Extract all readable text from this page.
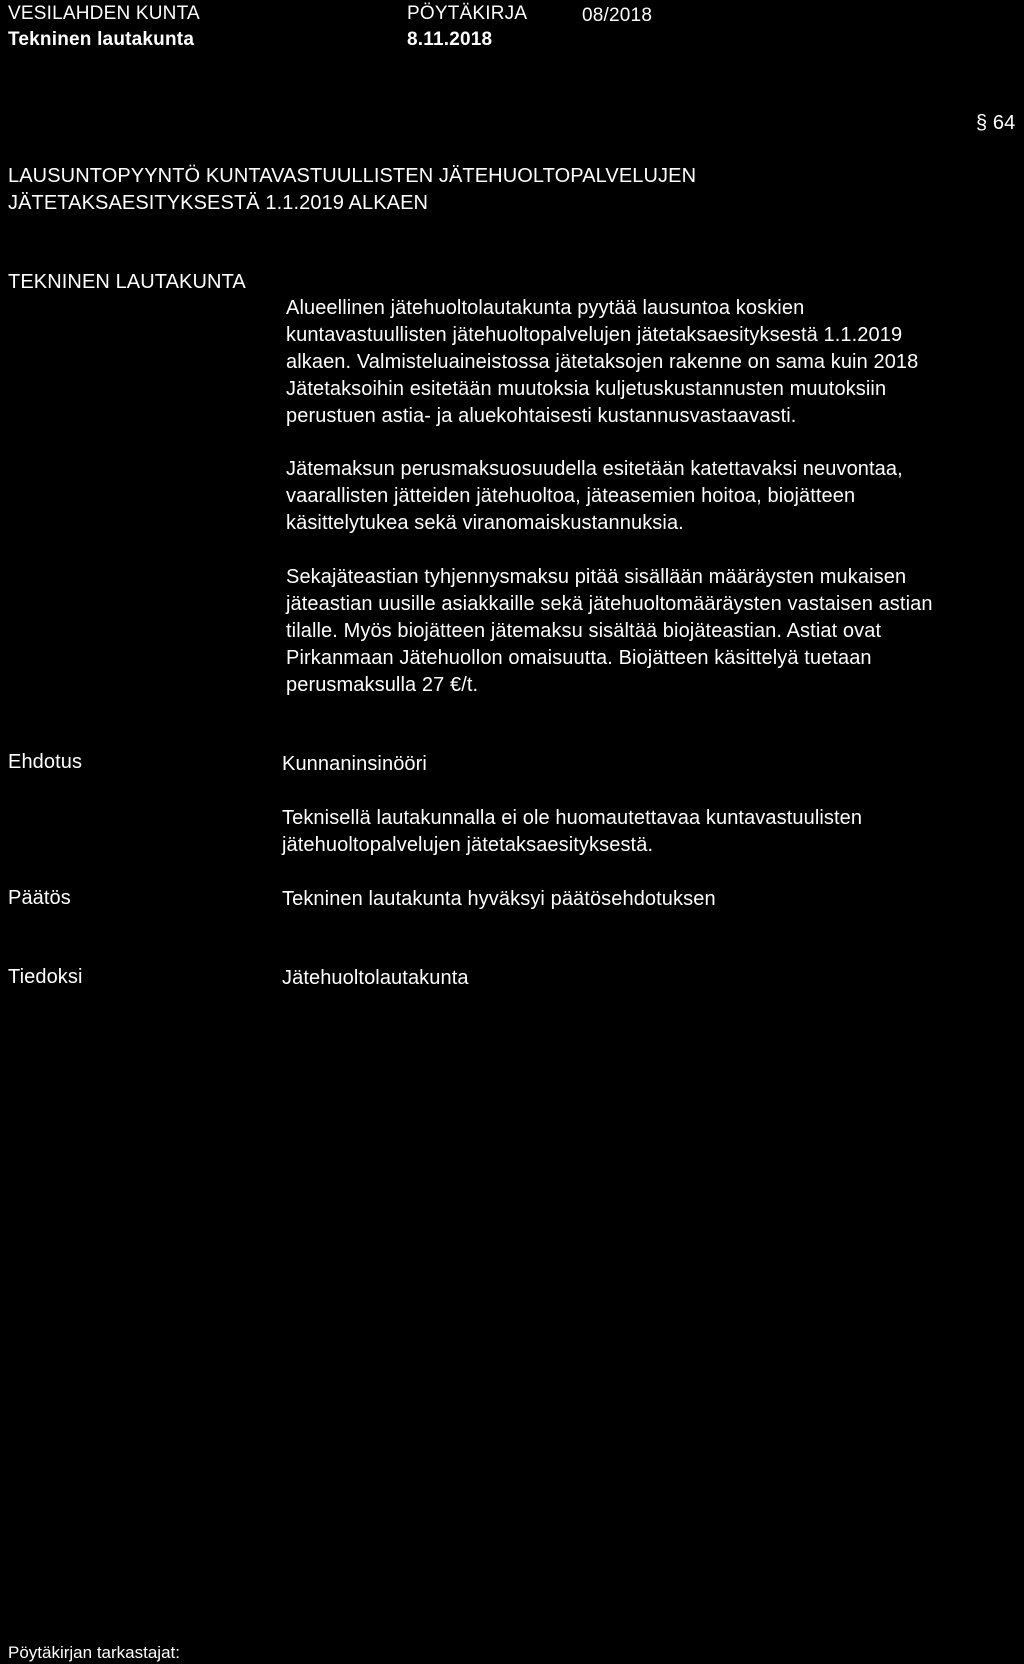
VESILAHDEN KUNTA
Tekninen lautakunta
PÖYTÄKIRJA
8.11.2018
08/2018
§ 64
LAUSUNTOPYYNTÖ KUNTAVASTUULLISTEN JÄTEHUOLTOPALVELUJEN
JÄTETAKSAESITYKSESTÄ 1.1.2019 ALKAEN
TEKNINEN LAUTAKUNTA
Alueellinen jätehuoltolautakunta pyytää lausuntoa koskien
kuntavastuullisten jätehuoltopalvelujen jätetaksaesityksestä 1.1.2019
alkaen. Valmisteluaineistossa jätetaksojen rakenne on sama kuin 2018
Jätetaksoihin esitetään muutoksia kuljetuskustannusten muutoksiin
perustuen astia- ja aluekohtaisesti kustannusvastaavasti.
Jätemaksun perusmaksuosuudella esitetään katettavaksi neuvontaa,
vaarallisten jätteiden jätehuoltoa, jäteasemien hoitoa, biojätteen
käsittelytukea sekä viranomaiskustannuksia.
Sekajäteastian tyhjennysmaksu pitää sisällään määräysten mukaisen
jäteastian uusille asiakkaille sekä jätehuoltomääräysten vastaisen astian
tilalle. Myös biojätteen jätemaksu sisältää biojäteastian. Astiat ovat
Pirkanmaan Jätehuollon omaisuutta. Biojätteen käsittelyä tuetaan
perusmaksulla 27 €/t.
Ehdotus	Kunnaninsinööri
Teknisellä lautakunnalla ei ole huomautettavaa kuntavastuulisten
jätehuoltopalvelujen jätetaksaesityksestä.
Päätös	Tekninen lautakunta hyväksyi päätösehdotuksen
Tiedoksi	Jätehuoltolautakunta
Pöytäkirjan tarkastajat:
